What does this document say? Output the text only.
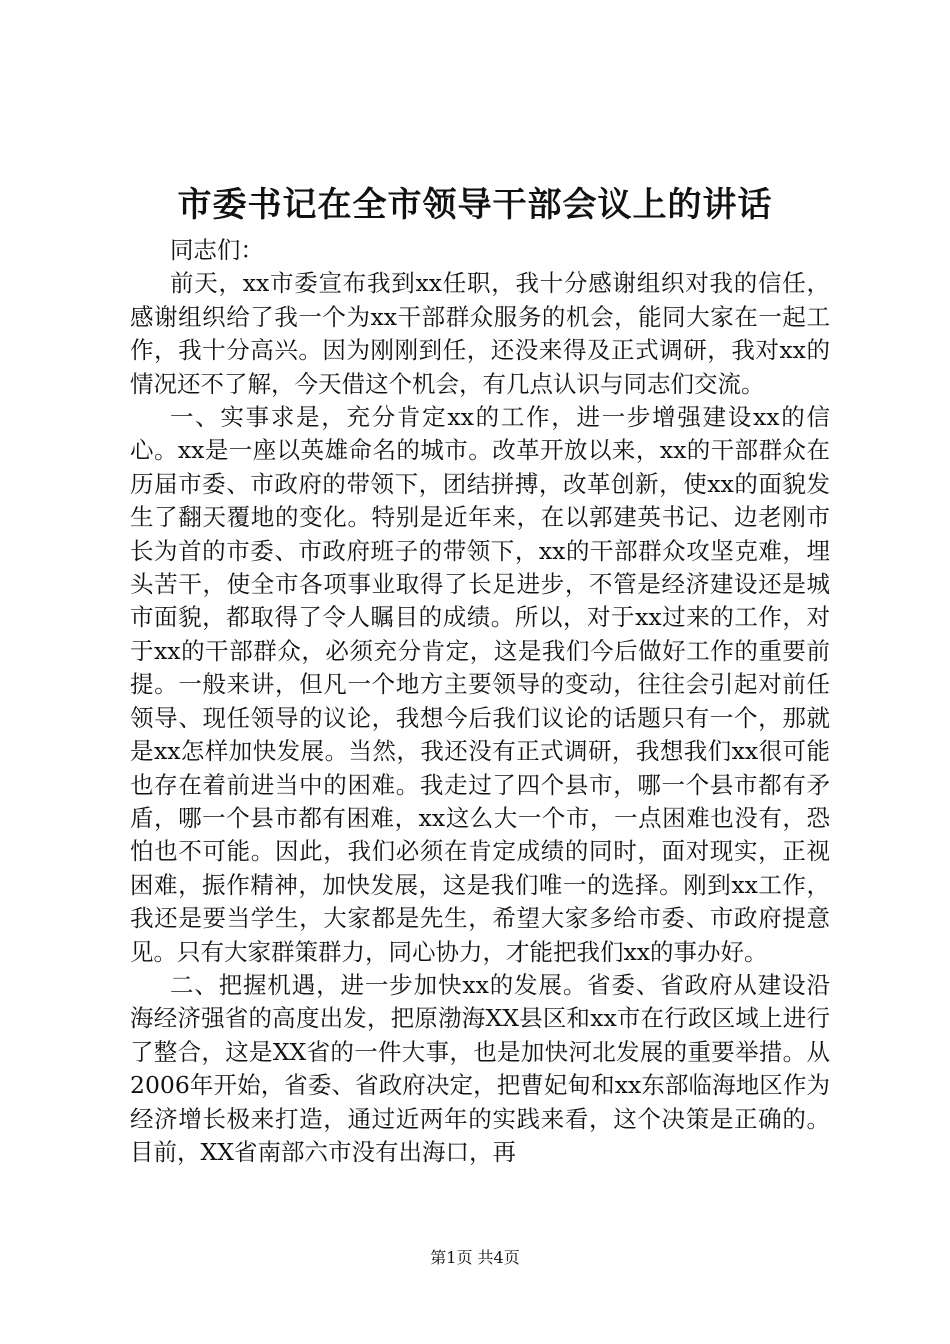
市委书记在全市领导干部会议上的讲话

同志们：

前天，xx市委宣布我到xx任职，我十分感谢组织对我的信任，感谢组织给了我一个为xx干部群众服务的机会，能同大家在一起工作，我十分高兴。因为刚刚到任，还没来得及正式调研，我对xx的情况还不了解，今天借这个机会，有几点认识与同志们交流。

一、实事求是，充分肯定xx的工作，进一步增强建设xx的信心。xx是一座以英雄命名的城市。改革开放以来，xx的干部群众在历届市委、市政府的带领下，团结拼搏，改革创新，使xx的面貌发生了翻天覆地的变化。特别是近年来，在以郭建英书记、边老刚市长为首的市委、市政府班子的带领下，xx的干部群众攻坚克难，埋头苦干，使全市各项事业取得了长足进步，不管是经济建设还是城市面貌，都取得了令人瞩目的成绩。所以，对于xx过来的工作，对于xx的干部群众，必须充分肯定，这是我们今后做好工作的重要前提。一般来讲，但凡一个地方主要领导的变动，往往会引起对前任领导、现任领导的议论，我想今后我们议论的话题只有一个，那就是xx怎样加快发展。当然，我还没有正式调研，我想我们xx很可能也存在着前进当中的困难。我走过了四个县市，哪一个县市都有矛盾，哪一个县市都有困难，xx这么大一个市，一点困难也没有，恐怕也不可能。因此，我们必须在肯定成绩的同时，面对现实，正视困难，振作精神，加快发展，这是我们唯一的选择。刚到xx工作，我还是要当学生，大家都是先生，希望大家多给市委、市政府提意见。只有大家群策群力，同心协力，才能把我们xx的事办好。

二、把握机遇，进一步加快xx的发展。省委、省政府从建设沿海经济强省的高度出发，把原渤海XX县区和xx市在行政区域上进行了整合，这是XX省的一件大事，也是加快河北发展的重要举措。从2006年开始，省委、省政府决定，把曹妃甸和xx东部临海地区作为经济增长极来打造，通过近两年的实践来看，这个决策是正确的。目前，XX省南部六市没有出海口，再

第1页 共4页
